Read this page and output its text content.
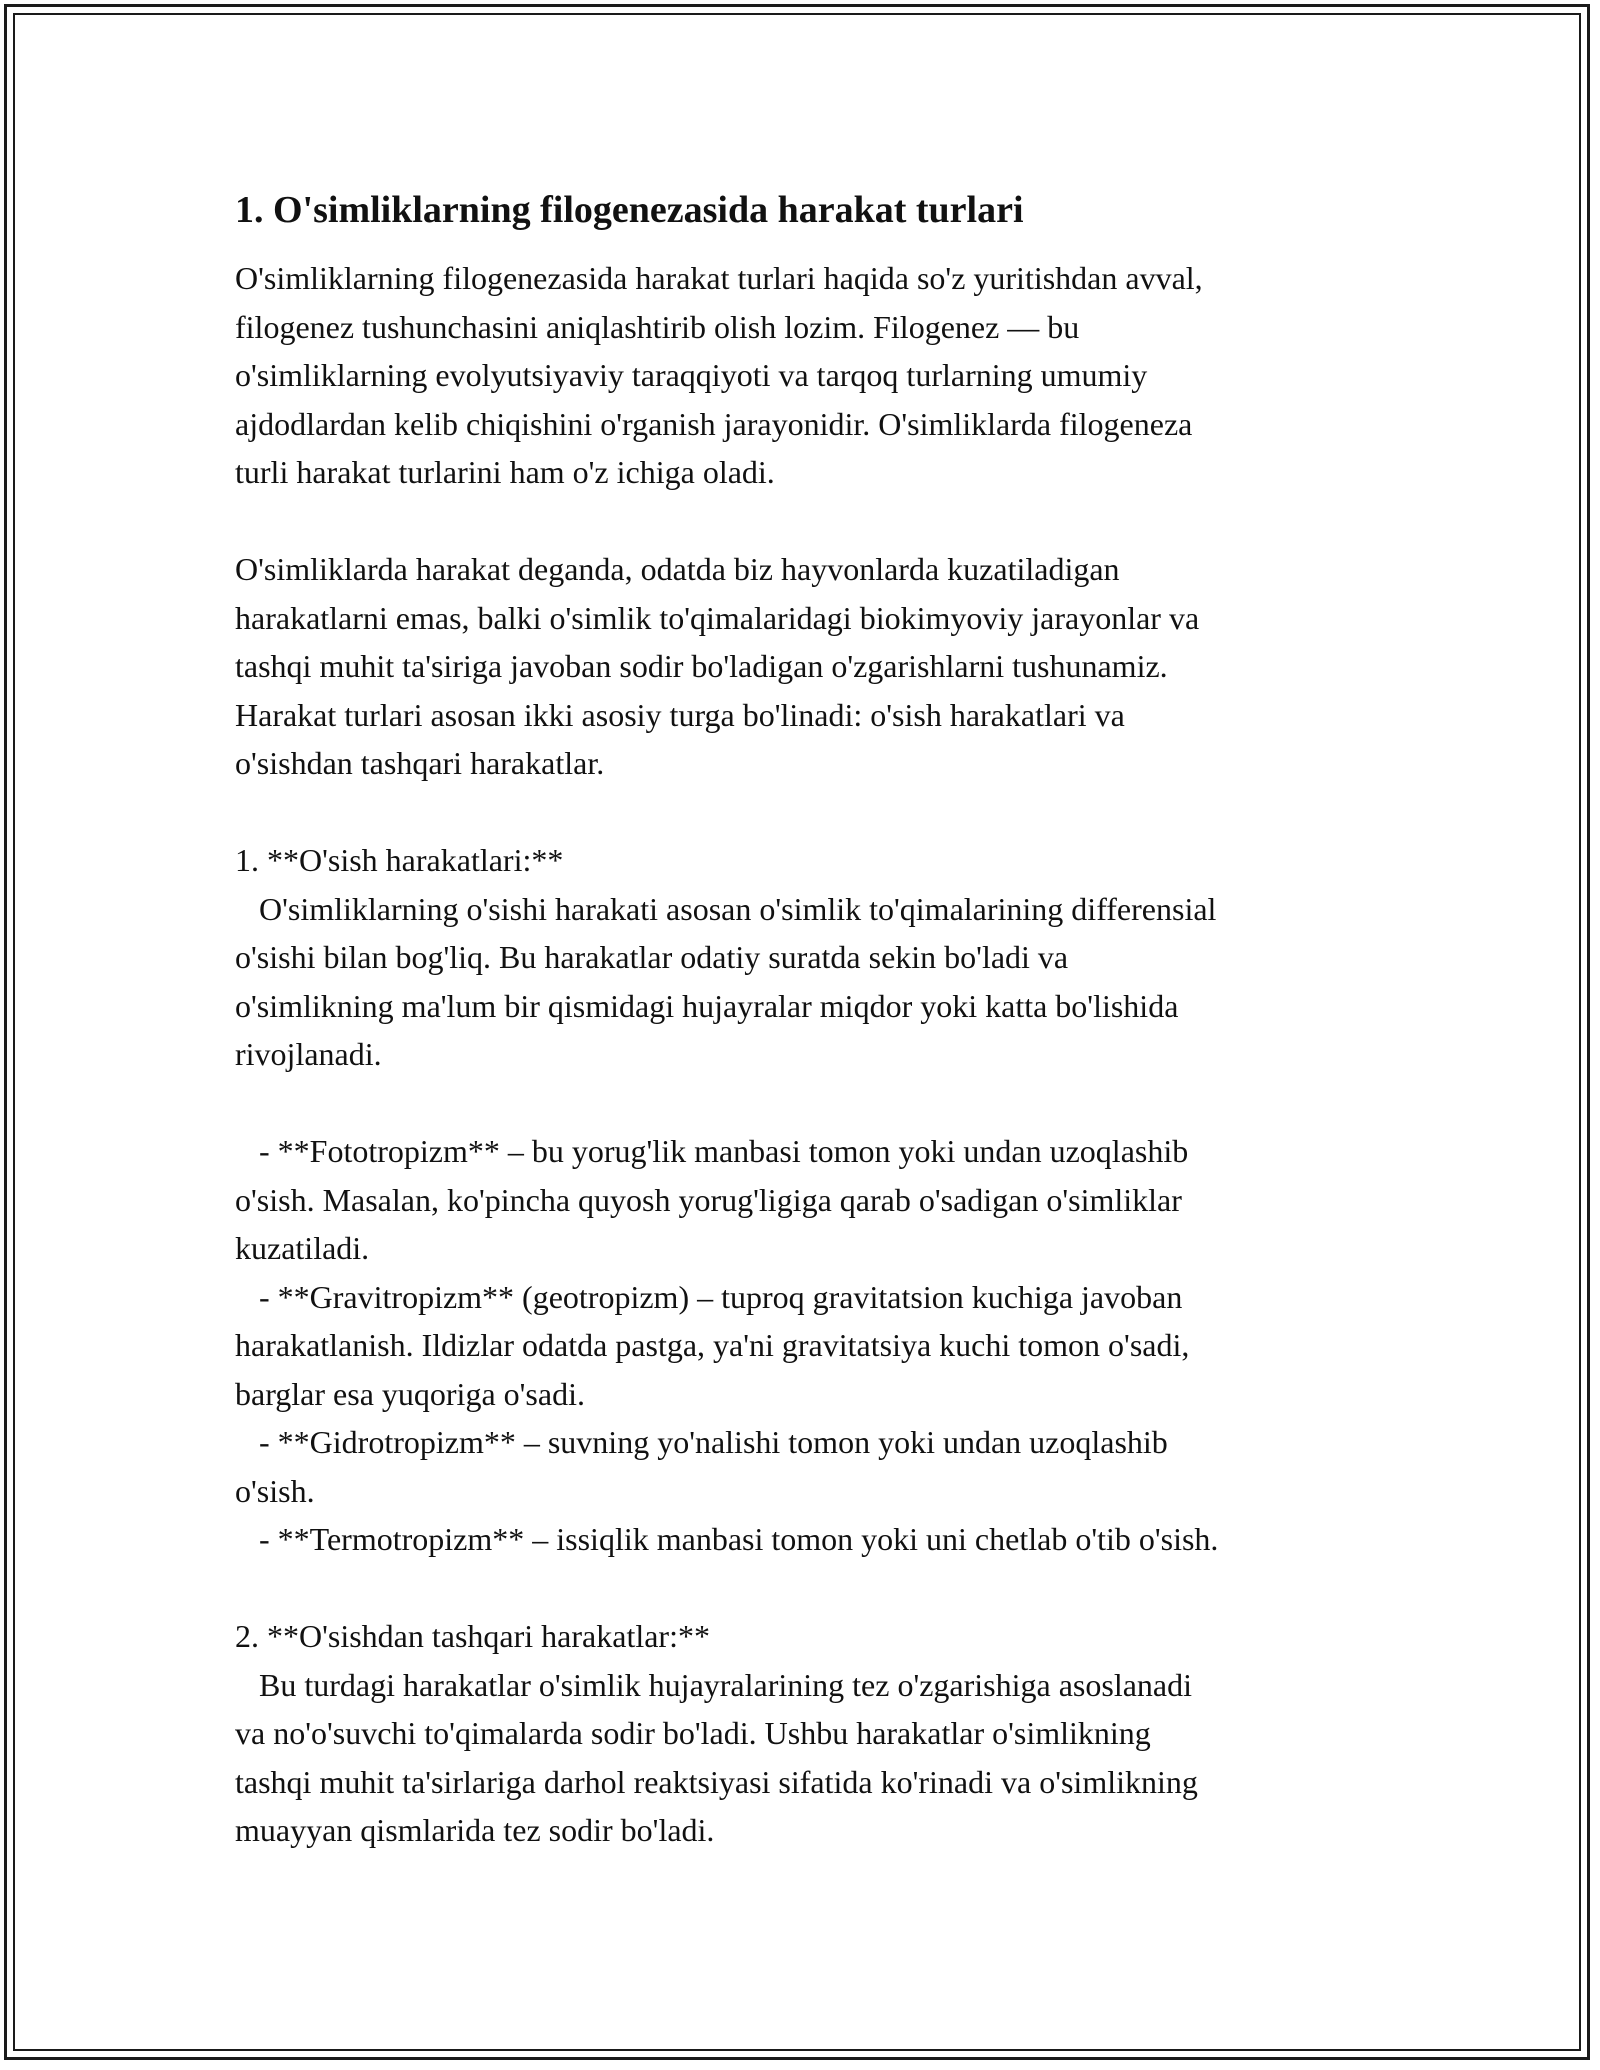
1. O'simliklarning filogenezasida harakat turlari

O'simliklarning filogenezasida harakat turlari haqida so'z yuritishdan avval,

filogenez tushunchasini aniqlashtirib olish lozim. Filogenez — bu

o'simliklarning evolyutsiyaviy taraqqiyoti va tarqoq turlarning umumiy

ajdodlardan kelib chiqishini o'rganish jarayonidir. O'simliklarda filogeneza

turli harakat turlarini ham o'z ichiga oladi.

O'simliklarda harakat deganda, odatda biz hayvonlarda kuzatiladigan

harakatlarni emas, balki o'simlik to'qimalaridagi biokimyoviy jarayonlar va

tashqi muhit ta'siriga javoban sodir bo'ladigan o'zgarishlarni tushunamiz.

Harakat turlari asosan ikki asosiy turga bo'linadi: o'sish harakatlari va

o'sishdan tashqari harakatlar.

1. **O'sish harakatlari:**

O'simliklarning o'sishi harakati asosan o'simlik to'qimalarining differensial

o'sishi bilan bog'liq. Bu harakatlar odatiy suratda sekin bo'ladi va

o'simlikning ma'lum bir qismidagi hujayralar miqdor yoki katta bo'lishida

rivojlanadi.

- **Fototropizm** – bu yorug'lik manbasi tomon yoki undan uzoqlashib

o'sish. Masalan, ko'pincha quyosh yorug'ligiga qarab o'sadigan o'simliklar

kuzatiladi.

- **Gravitropizm** (geotropizm) – tuproq gravitatsion kuchiga javoban

harakatlanish. Ildizlar odatda pastga, ya'ni gravitatsiya kuchi tomon o'sadi,

barglar esa yuqoriga o'sadi.

- **Gidrotropizm** – suvning yo'nalishi tomon yoki undan uzoqlashib

o'sish.

- **Termotropizm** – issiqlik manbasi tomon yoki uni chetlab o'tib o'sish.

2. **O'sishdan tashqari harakatlar:**

Bu turdagi harakatlar o'simlik hujayralarining tez o'zgarishiga asoslanadi

va no'o'suvchi to'qimalarda sodir bo'ladi. Ushbu harakatlar o'simlikning

tashqi muhit ta'sirlariga darhol reaktsiyasi sifatida ko'rinadi va o'simlikning

muayyan qismlarida tez sodir bo'ladi.
